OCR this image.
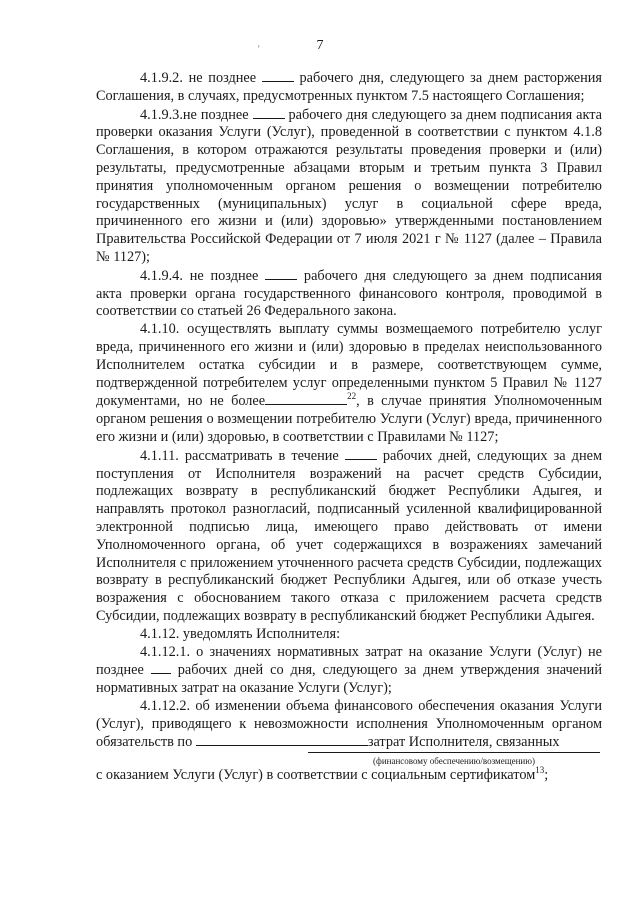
7
'

4.1.9.2. не позднее  рабочего дня, следующего за днем расторжения Соглашения, в случаях, предусмотренных пунктом 7.5 настоящего Соглашения;

4.1.9.3.не позднее  рабочего дня следующего за днем подписания акта проверки оказания Услуги (Услуг), проведенной в соответствии с пунктом 4.1.8 Соглашения, в котором отражаются результаты проведения проверки и (или) результаты, предусмотренные абзацами вторым и третьим пункта 3 Правил принятия уполномоченным органом решения о возмещении потребителю государственных (муниципальных) услуг в социальной сфере вреда, причиненного его жизни и (или) здоровью» утвержденными постановлением Правительства Российской Федерации от 7 июля 2021 г № 1127 (далее – Правила № 1127);

4.1.9.4. не позднее  рабочего дня следующего за днем подписания акта проверки органа государственного финансового контроля, проводимой в соответствии со статьей 26 Федерального закона.

4.1.10. осуществлять выплату суммы возмещаемого потребителю услуг вреда, причиненного его жизни и (или) здоровью в пределах неиспользованного Исполнителем остатка субсидии и в размере, соответствующем сумме, подтвержденной потребителем услуг определенными пунктом 5 Правил № 1127 документами, но не более	$^{22}$, в случае принятия Уполномоченным органом решения о возмещении потребителю Услуги (Услуг) вреда, причиненного его жизни и (или) здоровью, в соответствии с Правилами № 1127;

4.1.11. рассматривать в течение  рабочих дней, следующих за днем поступления от Исполнителя возражений на расчет средств Субсидии, подлежащих возврату в республиканский бюджет Республики Адыгея, и направлять протокол разногласий, подписанный усиленной квалифицированной электронной подписью лица, имеющего право действовать от имени Уполномоченного органа, об учет содержащихся в возражениях замечаний Исполнителя с приложением уточненного расчета средств Субсидии, подлежащих возврату в республиканский бюджет Республики Адыгея, или об отказе учесть возражения с обоснованием такого отказа с приложением расчета средств Субсидии, подлежащих возврату в республиканский бюджет Республики Адыгея.

4.1.12. уведомлять Исполнителя:

4.1.12.1. о значениях нормативных затрат на оказание Услуги (Услуг) не позднее  рабочих дней со дня, следующего за днем утверждения значений нормативных затрат на оказание Услуги (Услуг);

4.1.12.2. об изменении объема финансового обеспечения оказания Услуги (Услуг), приводящего к невозможности исполнения Уполномоченным органом обязательств по	затрат Исполнителя, связанных

(финансовому обеспечению/возмещению)

с оказанием Услуги (Услуг) в соответствии с социальным сертификатом$^{13}$;
